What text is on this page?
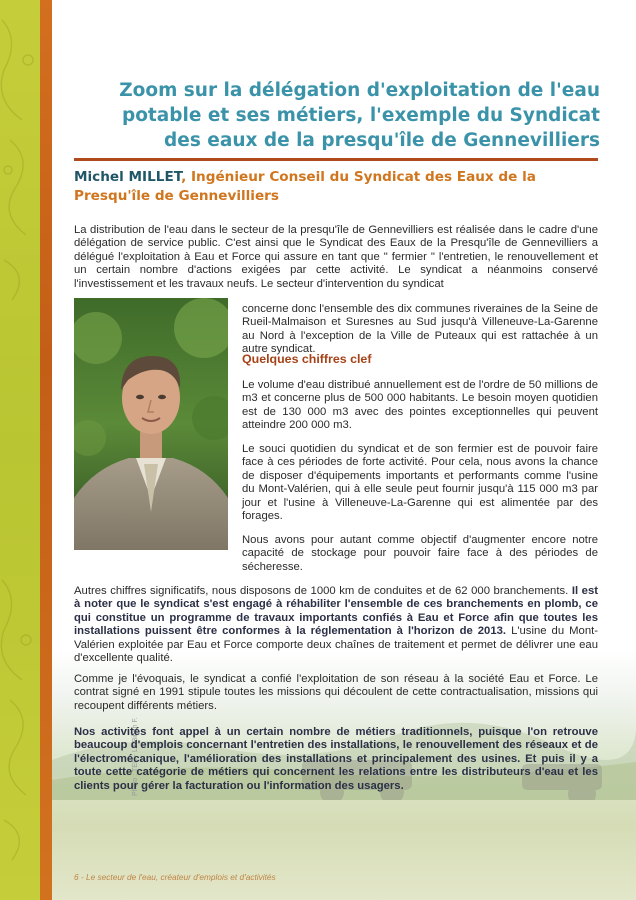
Zoom sur la délégation d'exploitation de l'eau
potable et ses métiers, l'exemple du Syndicat
des eaux de la presqu'île de Gennevilliers
Michel MILLET, Ingénieur Conseil du Syndicat des Eaux de la Presqu'île de Gennevilliers

La distribution de l'eau dans le secteur de la presqu'île de Gennevilliers est réalisée dans le cadre d'une délégation de service public. C'est ainsi que le Syndicat des Eaux de la Presqu'île de Gennevilliers a délégué l'exploitation à Eau et Force qui assure en tant que " fermier " l'entretien, le renouvellement et un certain nombre d'actions exigées par cette activité. Le syndicat a néanmoins conservé l'investissement et les travaux neufs. Le secteur d'intervention du syndicat

Photo : TEE - Le Bihan F.

concerne donc l'ensemble des dix communes riveraines de la Seine de Rueil-Malmaison et Suresnes au Sud jusqu'à Villeneuve-La-Garenne au Nord à l'exception de la Ville de Puteaux qui est rattachée à un autre syndicat.

Quelques chiffres clef

Le volume d'eau distribué annuellement est de l'ordre de 50 millions de m3 et concerne plus de 500 000 habitants. Le besoin moyen quotidien est de 130 000 m3 avec des pointes exceptionnelles qui peuvent atteindre 200 000 m3.

Le souci quotidien du syndicat et de son fermier est de pouvoir faire face à ces périodes de forte activité. Pour cela, nous avons la chance de disposer d'équipements importants et performants comme l'usine du Mont-Valérien, qui à elle seule peut fournir jusqu'à 115 000 m3 par jour et l'usine à Villeneuve-La-Garenne qui est alimentée par des forages.

Nous avons pour autant comme objectif d'augmenter encore notre capacité de stockage pour pouvoir faire face à des périodes de sécheresse.

Autres chiffres significatifs, nous disposons de 1000 km de conduites et de 62 000 branchements. Il est à noter que le syndicat s'est engagé à réhabiliter l'ensemble de ces branchements en plomb, ce qui constitue un programme de travaux importants confiés à Eau et Force afin que toutes les installations puissent être conformes à la réglementation à l'horizon de 2013. L'usine du Mont-Valérien exploitée par Eau et Force comporte deux chaînes de traitement et permet de délivrer une eau d'excellente qualité.

Comme je l'évoquais, le syndicat a confié l'exploitation de son réseau à la société Eau et Force. Le contrat signé en 1991 stipule toutes les missions qui découlent de cette contractualisation, missions qui recoupent différents métiers.

Nos activités font appel à un certain nombre de métiers traditionnels, puisque l'on retrouve beaucoup d'emplois concernant l'entretien des installations, le renouvellement des réseaux et de l'électromécanique, l'amélioration des installations et principalement des usines. Et puis il y a toute cette catégorie de métiers qui concernent les relations entre les distributeurs d'eau et les clients pour gérer la facturation ou l'information des usagers.

6 - Le secteur de l'eau, créateur d'emplois et d'activités
